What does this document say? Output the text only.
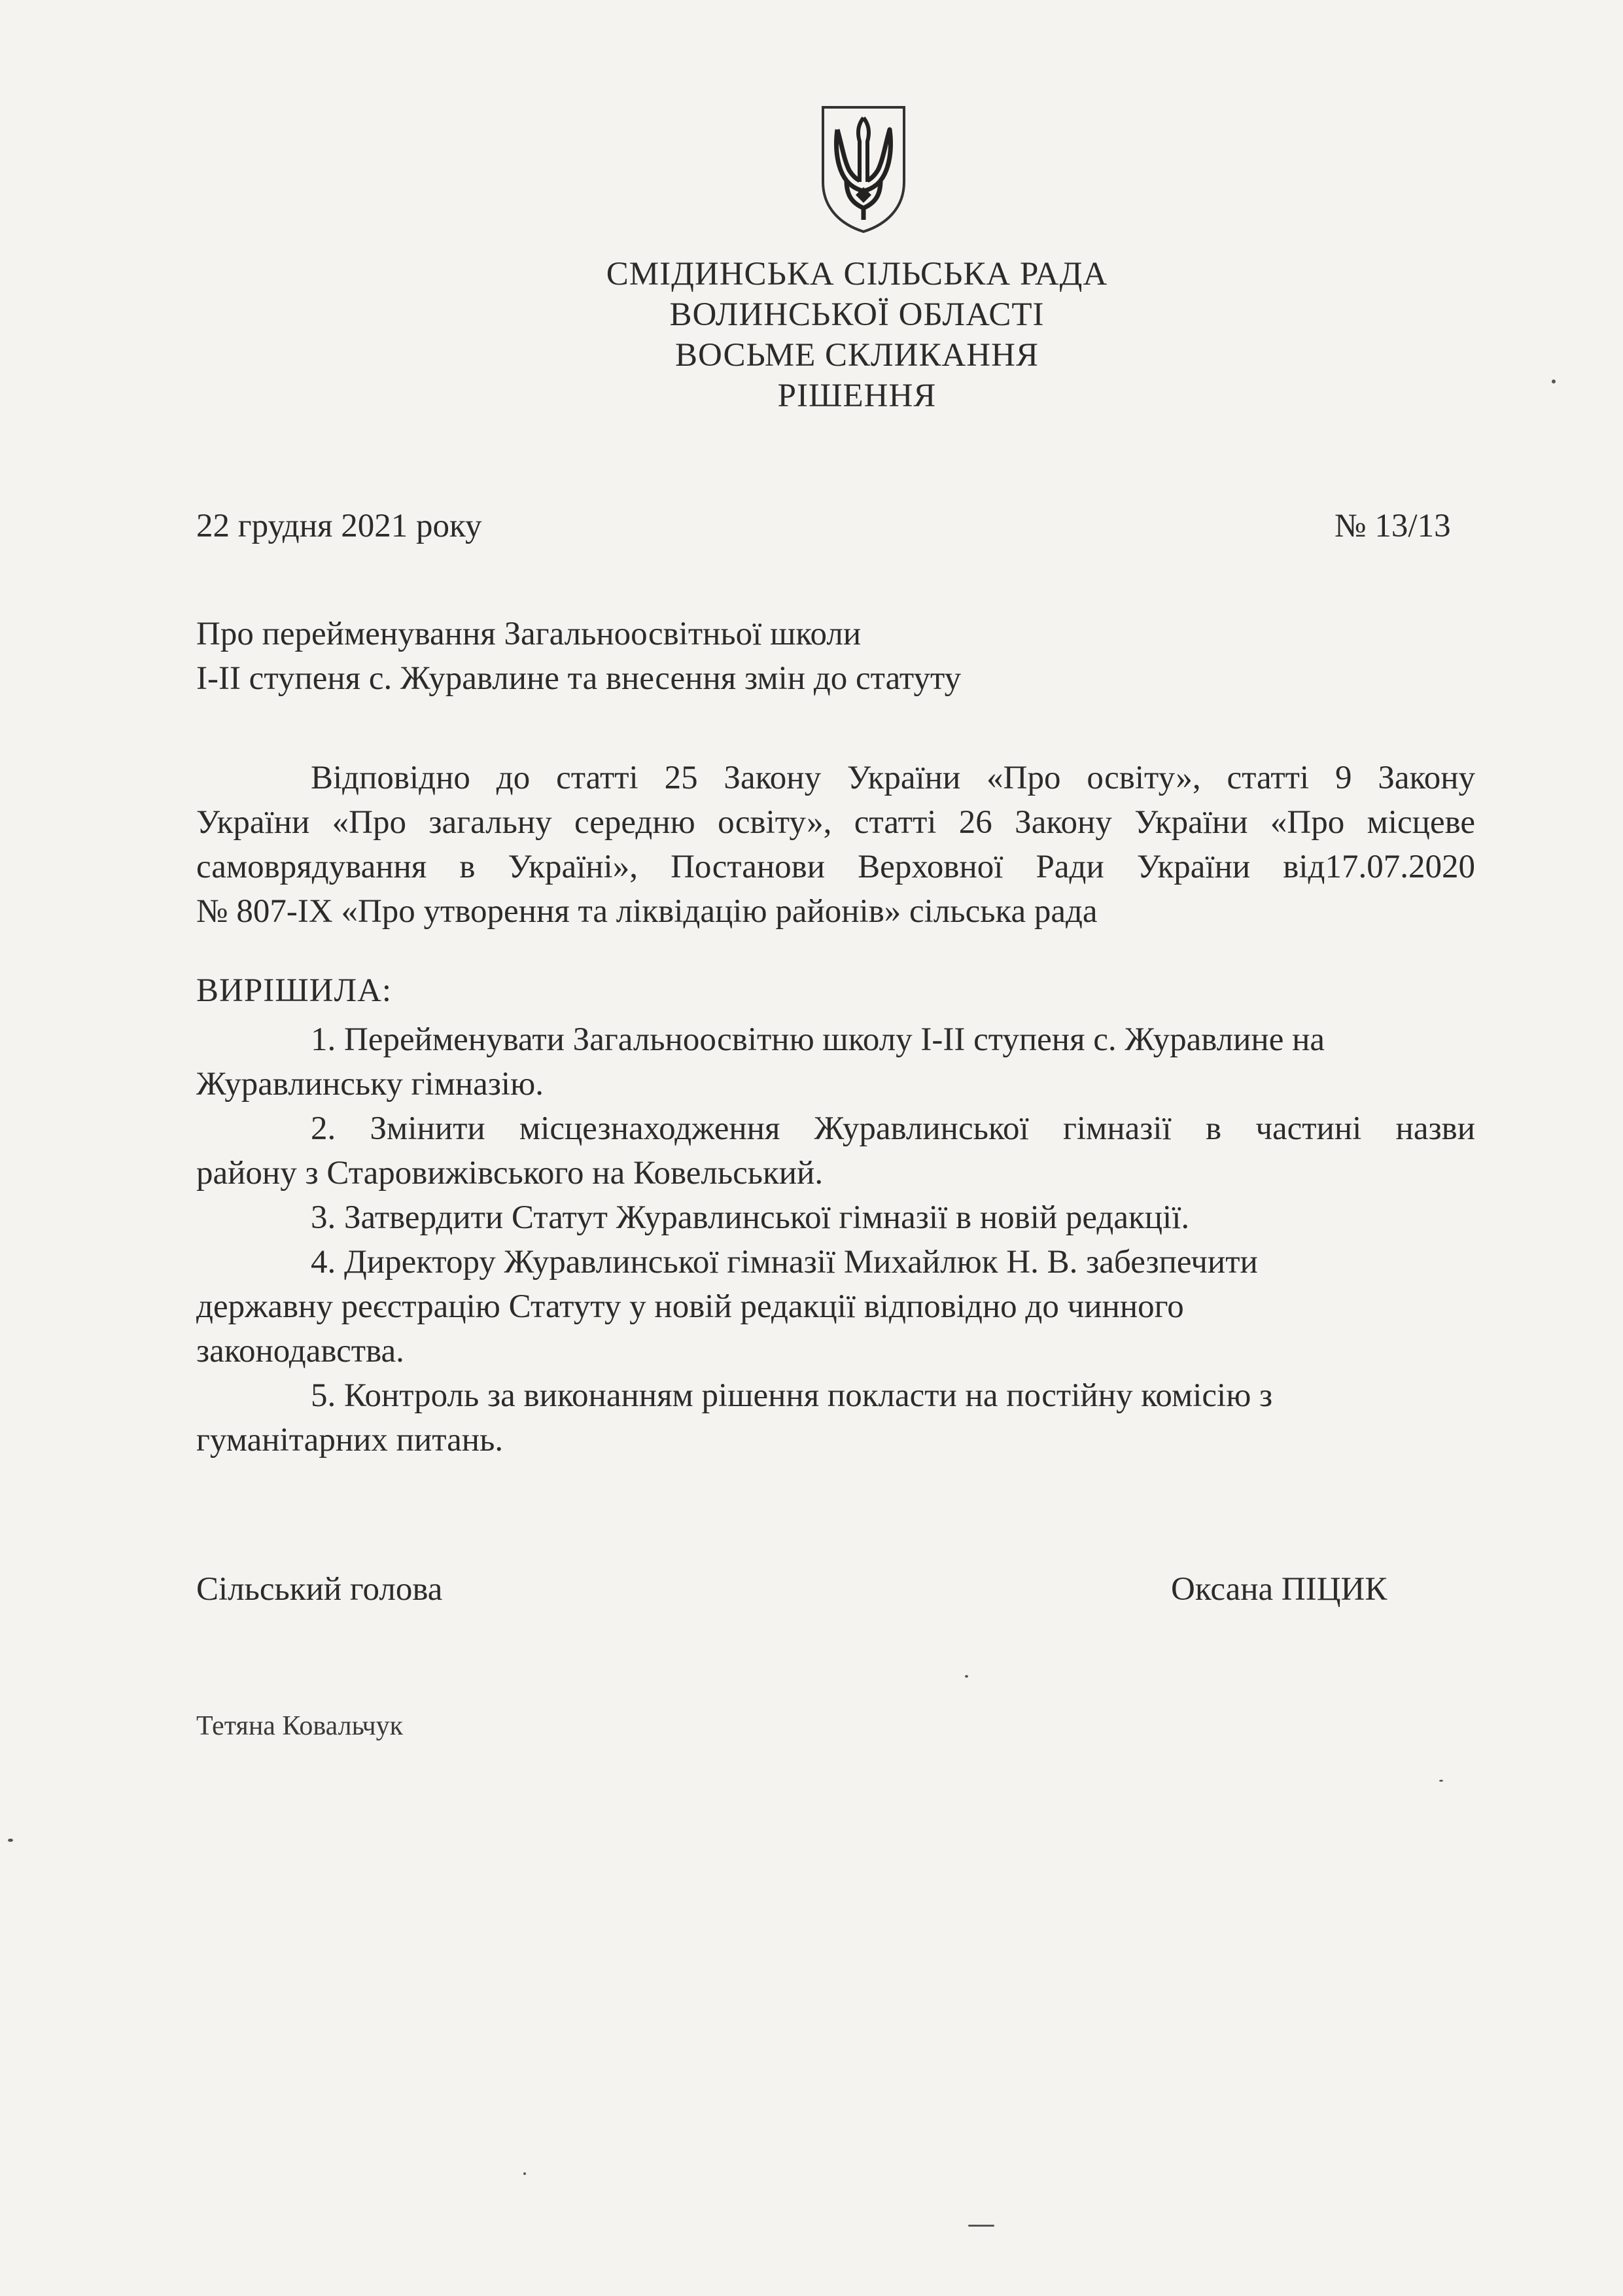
СМІДИНСЬКА СІЛЬСЬКА РАДА
ВОЛИНСЬКОЇ ОБЛАСТІ
ВОСЬМЕ СКЛИКАННЯ
РІШЕННЯ
22 грудня 2021 року	№ 13/13
Про перейменування Загальноосвітньої школи
І-ІІ ступеня с. Журавлине та внесення змін до статуту
Відповідно до статті 25 Закону України «Про освіту», статті 9 Закону
України «Про загальну середню освіту», статті 26 Закону України «Про місцеве
самоврядування в Україні», Постанови Верховної Ради України від17.07.2020
№ 807-ІХ «Про утворення та ліквідацію районів» сільська рада
ВИРІШИЛА:
1. Перейменувати Загальноосвітню школу І-ІІ ступеня с. Журавлине на
Журавлинську гімназію.
2. Змінити місцезнаходження Журавлинської гімназії в частині назви
району з Старовижівського на Ковельський.
3. Затвердити Статут Журавлинської гімназії в новій редакції.
4. Директору Журавлинської гімназії Михайлюк Н. В. забезпечити
державну реєстрацію Статуту у новій редакції відповідно до чинного
законодавства.
5. Контроль за виконанням рішення покласти на постійну комісію з
гуманітарних питань.
Сільський голова	Оксана ПІЦИК
Тетяна Ковальчук
